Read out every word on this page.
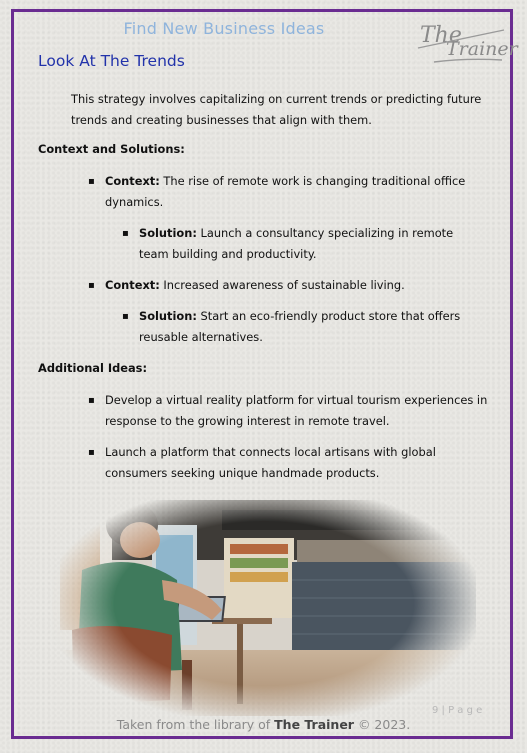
Find New Business Ideas	The
Trainer
Look At The Trends
This strategy involves capitalizing on current trends or predicting future trends and creating businesses that align with them.
Context and Solutions:
▪ Context: The rise of remote work is changing traditional office dynamics.
▪ Solution: Launch a consultancy specializing in remote team building and productivity.
▪ Context: Increased awareness of sustainable living.
▪ Solution: Start an eco-friendly product store that offers reusable alternatives.
Additional Ideas:
▪ Develop a virtual reality platform for virtual tourism experiences in response to the growing interest in remote travel.
▪ Launch a platform that connects local artisans with global consumers seeking unique handmade products.
9 | P a g e
Taken from the library of The Trainer © 2023.
